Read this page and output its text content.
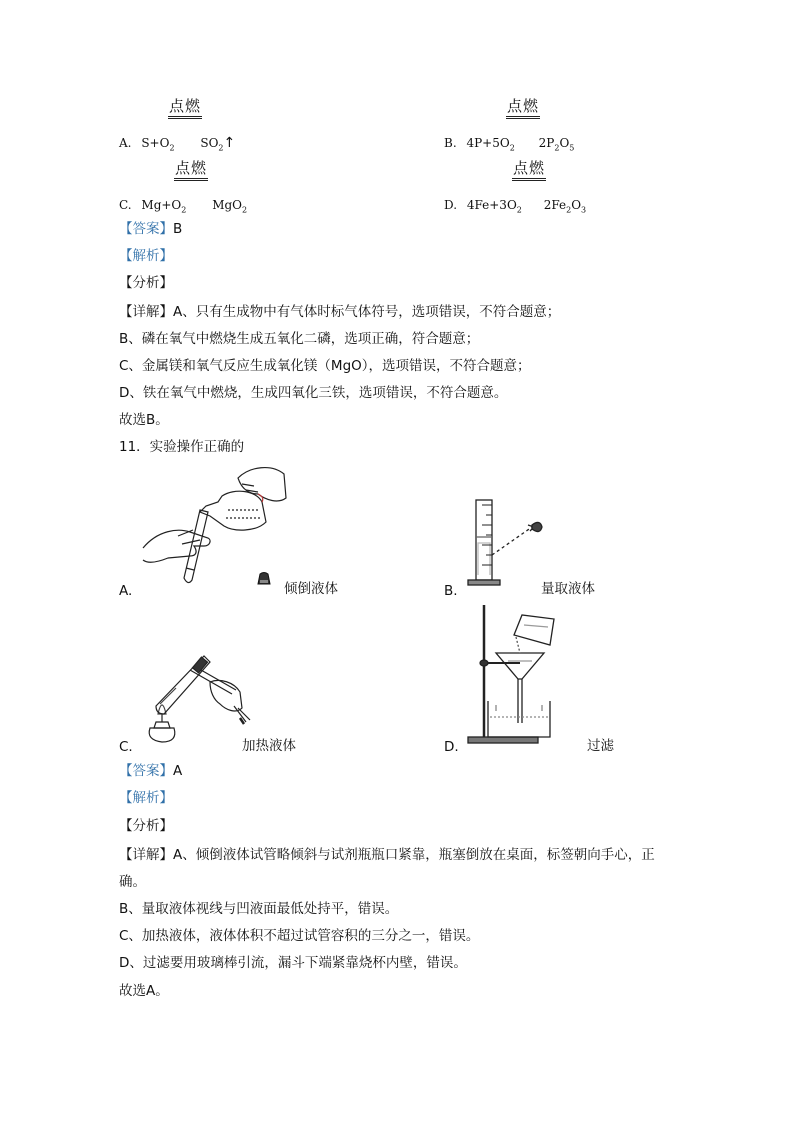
点燃	点燃
点燃	点燃
A. $S+O_2$ $SO_2↑$	B. $4P+5O_2$ $2P_2O_5$
C. $Mg+O_2$ MgO$_2$	D. $4Fe+3O_2$ $2Fe_2O_3$
【答案】B
【解析】
【分析】
【详解】A、只有生成物中有气体时标气体符号，选项错误，不符合题意；
B、磷在氧气中燃烧生成五氧化二磷，选项正确，符合题意；
C、金属镁和氧气反应生成氧化镁（MgO），选项错误，不符合题意；
D、铁在氧气中燃烧，生成四氧化三铁，选项错误，不符合题意。
故选B。
11．实验操作正确的
A.	倾倒液体	B.	量取液体
C.	加热液体	D.	过滤
【答案】A
【解析】
【分析】
【详解】A、倾倒液体试管略倾斜与试剂瓶瓶口紧靠，瓶塞倒放在桌面，标签朝向手心，正
确。
B、量取液体视线与凹液面最低处持平，错误。
C、加热液体，液体体积不超过试管容积的三分之一，错误。
D、过滤要用玻璃棒引流，漏斗下端紧靠烧杯内壁，错误。
故选A。
